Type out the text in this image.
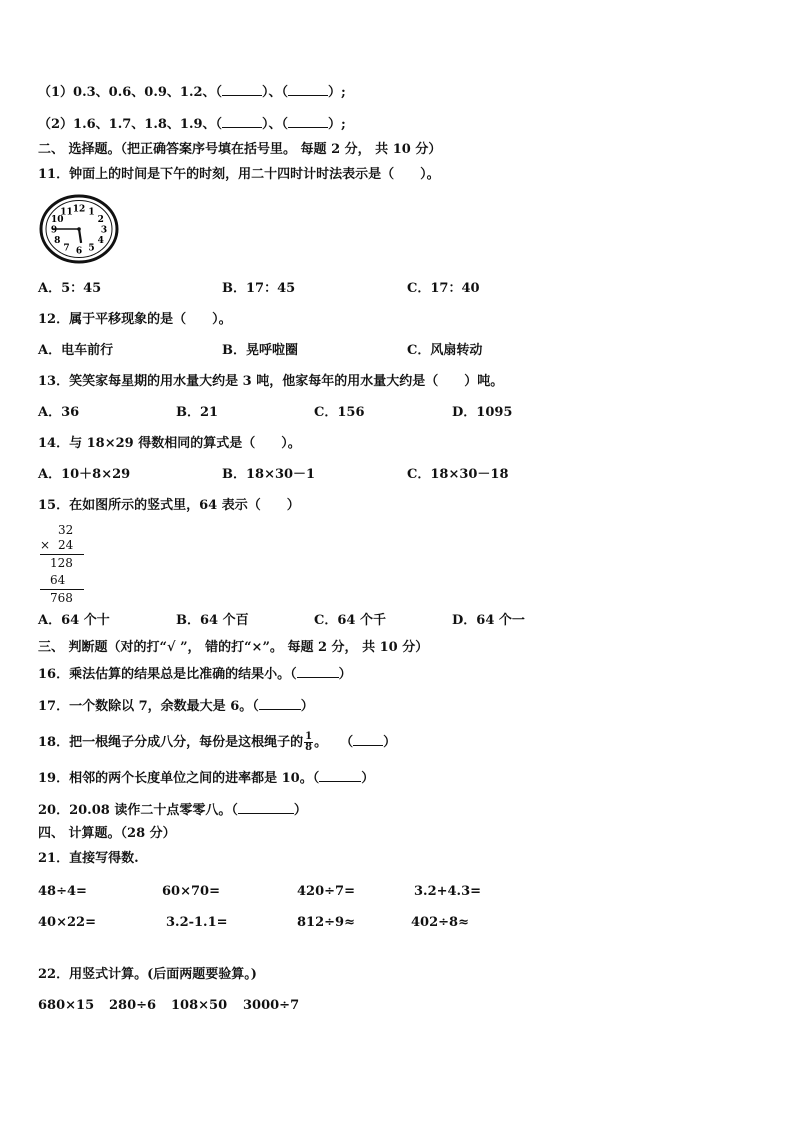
（1）0.3、0.6、0.9、1.2、（	）、（	）;
（2）1.6、1.7、1.8、1.9、（	）、（	）;
二、 选择题。（把正确答案序号填在括号里。 每题 2 分， 共 10 分）
11．钟面上的时间是下午的时刻，用二十四时计时法表示是（　　）。
12 1
2
3
4
5
6
7
8
9
10
11
A．5：45	B．17：45	C．17：40
12．属于平移现象的是（　　）。
A．电车前行	B．晃呼啦圈	C．风扇转动
13．笑笑家每星期的用水量大约是 3 吨，他家每年的用水量大约是（　　）吨。
A．36	B．21	C．156	D．1095
14．与 18×29 得数相同的算式是（　　）。
A．10＋8×29	B．18×30－1	C．18×30－18
15．在如图所示的竖式里，64 表示（　　）
32
× 24
128
64
768
A．64 个十	B．64 个百	C．64 个千	D．64 个一
三、 判断题（对的打“√ ”， 错的打“×”。 每题 2 分， 共 10 分）
16．乘法估算的结果总是比准确的结果小。（	）
17．一个数除以 7，余数最大是 6。（	）
18．把一根绳子分成八分，每份是这根绳子的 $\frac{1}{8}$ 。　　（ ）
19．相邻的两个长度单位之间的进率都是 10。（	）
20．20.08 读作二十点零零八。（	）
四、 计算题。（28 分）
21．直接写得数.
48÷4=	60×70=	420÷7=	3.2+4.3=
40×22=	3.2-1.1=	812÷9≈	402÷8≈
22．用竖式计算。(后面两题要验算。)
680×15 280÷6 108×50 3000÷7
